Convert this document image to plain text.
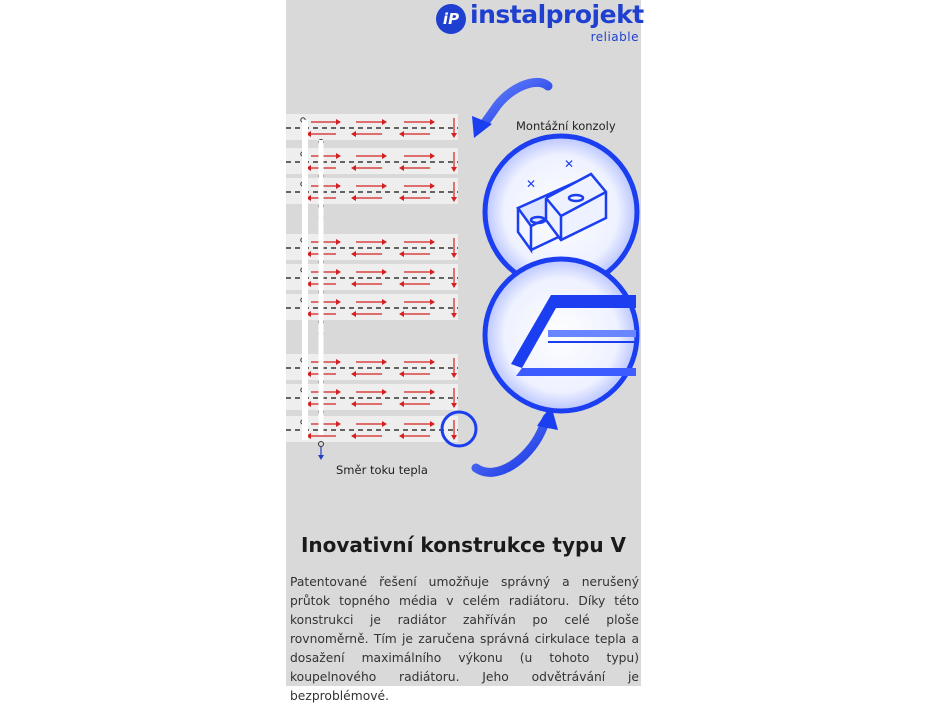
iP instalprojekt
reliable
✕
✕
Montážní konzoly
Směr toku tepla
Inovativní konstrukce typu V
Patentované řešení umožňuje správný a nerušený průtok topného média v celém radiátoru. Díky této konstrukci je radiátor zahříván po celé ploše rovnoměrně. Tím je zaručena správná cirkulace tepla a dosažení maximálního výkonu (u tohoto typu) koupelnového radiátoru. Jeho odvětrávání je bezproblémové.
